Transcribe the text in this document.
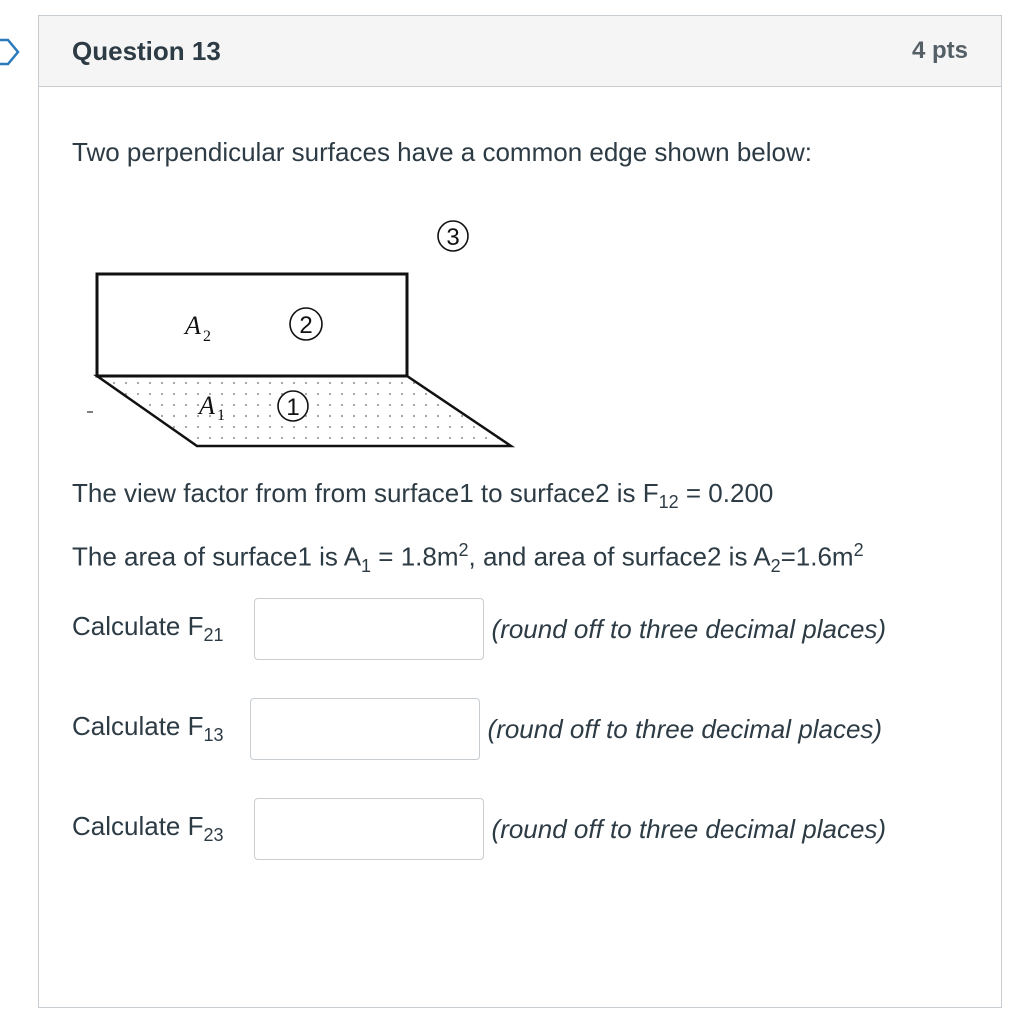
Question 13	4 pts
Two perpendicular surfaces have a common edge shown below:
3
A 2	2
A 1	1
The view factor from from surface1 to surface2 is $F_{12} = 0.200$
The area of surface1 is $A_1 = 1.8m^2$, and area of surface2 is $A_2=1.6m^2$
Calculate $F_{21}$	(round off to three decimal places)
Calculate $F_{13}$	(round off to three decimal places)
Calculate $F_{23}$	(round off to three decimal places)
